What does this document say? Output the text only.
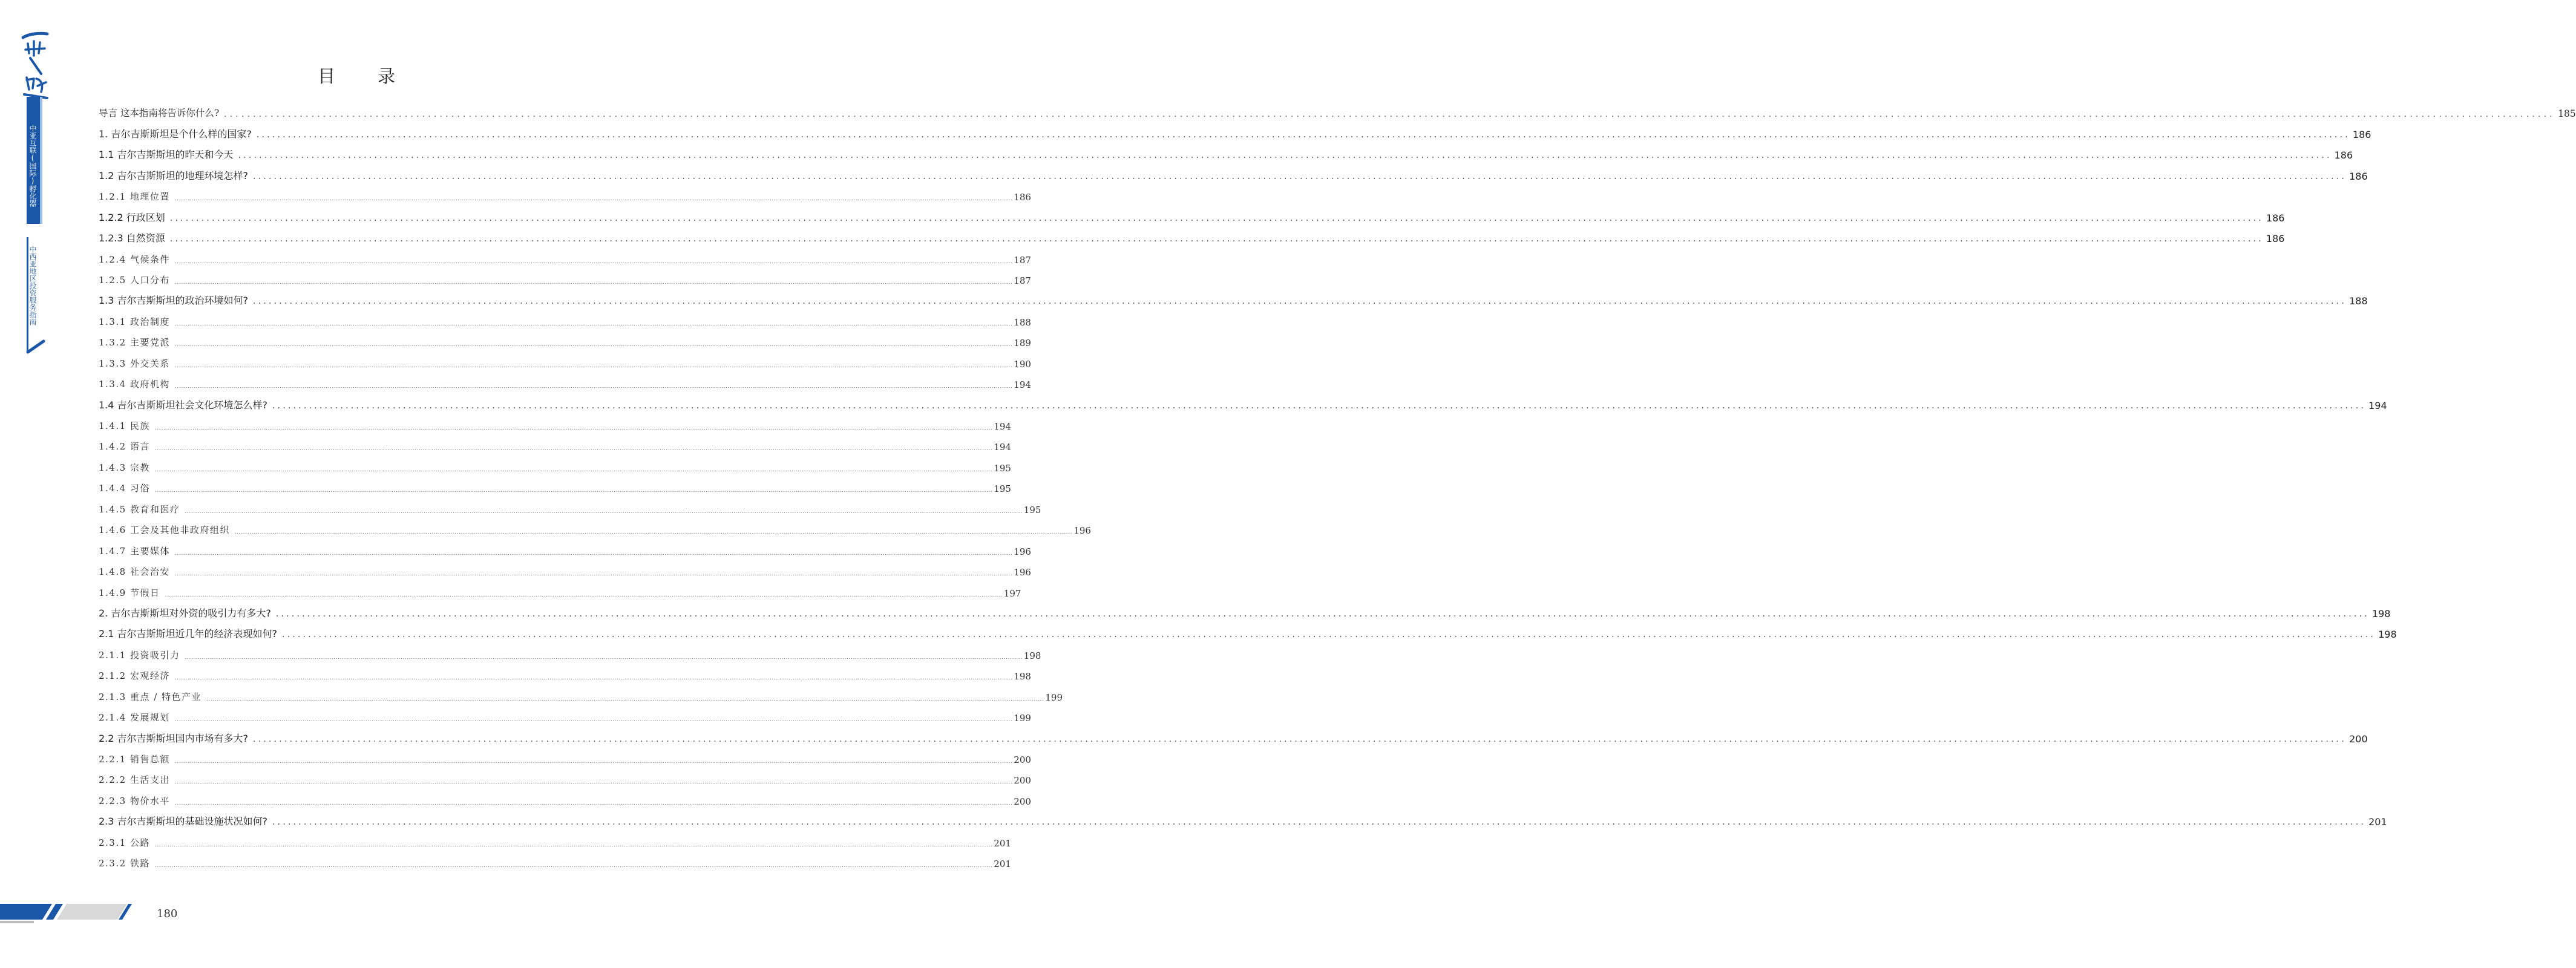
中亚互联(国际)孵化器
中西亚地区投资服务指南
目录
导言 这本指南将告诉你什么? ................................................................................................................................................................................................................................................................................................................................................................................................................ 185
1. 吉尔吉斯斯坦是个什么样的国家? ................................................................................................................................................................................................................................................................................................................................................................................................................ 186
1.1 吉尔吉斯斯坦的昨天和今天 ................................................................................................................................................................................................................................................................................................................................................................................................................ 186
1.2 吉尔吉斯斯坦的地理环境怎样? ................................................................................................................................................................................................................................................................................................................................................................................................................ 186
1.2.1 地理位置 ................................................................................................................................................................................................................................................................................................................................................................................................................ 186
1.2.2 行政区划 ................................................................................................................................................................................................................................................................................................................................................................................................................ 186
1.2.3 自然资源 ................................................................................................................................................................................................................................................................................................................................................................................................................ 186
1.2.4 气候条件 ................................................................................................................................................................................................................................................................................................................................................................................................................ 187
1.2.5 人口分布 ................................................................................................................................................................................................................................................................................................................................................................................................................ 187
1.3 吉尔吉斯斯坦的政治环境如何? ................................................................................................................................................................................................................................................................................................................................................................................................................ 188
1.3.1 政治制度 ................................................................................................................................................................................................................................................................................................................................................................................................................ 188
1.3.2 主要党派 ................................................................................................................................................................................................................................................................................................................................................................................................................ 189
1.3.3 外交关系 ................................................................................................................................................................................................................................................................................................................................................................................................................ 190
1.3.4 政府机构 ................................................................................................................................................................................................................................................................................................................................................................................................................ 194
1.4 吉尔吉斯斯坦社会文化环境怎么样? ................................................................................................................................................................................................................................................................................................................................................................................................................ 194
1.4.1 民族 ................................................................................................................................................................................................................................................................................................................................................................................................................ 194
1.4.2 语言 ................................................................................................................................................................................................................................................................................................................................................................................................................ 194
1.4.3 宗教 ................................................................................................................................................................................................................................................................................................................................................................................................................ 195
1.4.4 习俗 ................................................................................................................................................................................................................................................................................................................................................................................................................ 195
1.4.5 教育和医疗 ................................................................................................................................................................................................................................................................................................................................................................................................................ 195
1.4.6 工会及其他非政府组织 ................................................................................................................................................................................................................................................................................................................................................................................................................ 196
1.4.7 主要媒体 ................................................................................................................................................................................................................................................................................................................................................................................................................ 196
1.4.8 社会治安 ................................................................................................................................................................................................................................................................................................................................................................................................................ 196
1.4.9 节假日 ................................................................................................................................................................................................................................................................................................................................................................................................................ 197
2. 吉尔吉斯斯坦对外资的吸引力有多大? ................................................................................................................................................................................................................................................................................................................................................................................................................ 198
2.1 吉尔吉斯斯坦近几年的经济表现如何? ................................................................................................................................................................................................................................................................................................................................................................................................................ 198
2.1.1 投资吸引力 ................................................................................................................................................................................................................................................................................................................................................................................................................ 198
2.1.2 宏观经济 ................................................................................................................................................................................................................................................................................................................................................................................................................ 198
2.1.3 重点 / 特色产业 ................................................................................................................................................................................................................................................................................................................................................................................................................ 199
2.1.4 发展规划 ................................................................................................................................................................................................................................................................................................................................................................................................................ 199
2.2 吉尔吉斯斯坦国内市场有多大? ................................................................................................................................................................................................................................................................................................................................................................................................................ 200
2.2.1 销售总额 ................................................................................................................................................................................................................................................................................................................................................................................................................ 200
2.2.2 生活支出 ................................................................................................................................................................................................................................................................................................................................................................................................................ 200
2.2.3 物价水平 ................................................................................................................................................................................................................................................................................................................................................................................................................ 200
2.3 吉尔吉斯斯坦的基础设施状况如何? ................................................................................................................................................................................................................................................................................................................................................................................................................ 201
2.3.1 公路 ................................................................................................................................................................................................................................................................................................................................................................................................................ 201
2.3.2 铁路 ................................................................................................................................................................................................................................................................................................................................................................................................................ 201
180
